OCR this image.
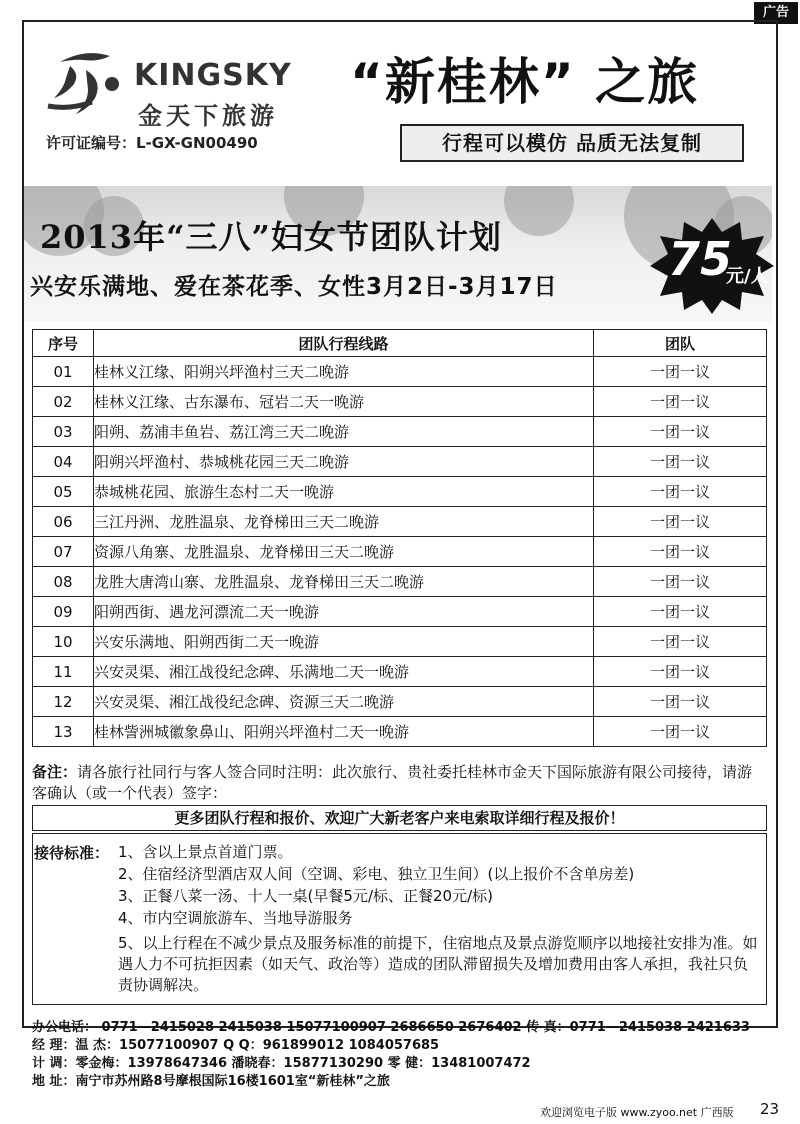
广告
KINGSKY
金天下旅游
许可证编号：L-GX-GN00490
“新桂林” 之旅
行程可以模仿 品质无法复制
2013年“三八”妇女节团队计划
兴安乐满地、爱在茶花季、女性3月2日-3月17日
75
元/人
序号	团队行程线路	团队
01	桂林义江缘、阳朔兴坪渔村三天二晚游	一团一议
02	桂林义江缘、古东瀑布、冠岩二天一晚游	一团一议
03	阳朔、荔浦丰鱼岩、荔江湾三天二晚游	一团一议
04	阳朔兴坪渔村、恭城桃花园三天二晚游	一团一议
05	恭城桃花园、旅游生态村二天一晚游	一团一议
06	三江丹洲、龙胜温泉、龙脊梯田三天二晚游	一团一议
07	资源八角寨、龙胜温泉、龙脊梯田三天二晚游	一团一议
08	龙胜大唐湾山寨、龙胜温泉、龙脊梯田三天二晚游	一团一议
09	阳朔西街、遇龙河漂流二天一晚游	一团一议
10	兴安乐满地、阳朔西街二天一晚游	一团一议
11	兴安灵渠、湘江战役纪念碑、乐满地二天一晚游	一团一议
12	兴安灵渠、湘江战役纪念碑、资源三天二晚游	一团一议
13	桂林訾洲城徽象鼻山、阳朔兴坪渔村二天一晚游	一团一议
备注：请各旅行社同行与客人签合同时注明：此次旅行、贵社委托桂林市金天下国际旅游有限公司接待，请游客确认（或一个代表）签字：
更多团队行程和报价、欢迎广大新老客户来电索取详细行程及报价！
接待标准： 1、含以上景点首道门票。
2、住宿经济型酒店双人间（空调、彩电、独立卫生间）(以上报价不含单房差)
3、正餐八菜一汤、十人一桌(早餐5元/标、正餐20元/标)
4、市内空调旅游车、当地导游服务
5、以上行程在不减少景点及服务标准的前提下，住宿地点及景点游览顺序以地接社安排为准。如遇人力不可抗拒因素（如天气、政治等）造成的团队滞留损失及增加费用由客人承担，我社只负责协调解决。
办公电话： 0771—2415028 2415038 15077100907 2686650 2676402 传 真：0771—2415038 2421633
经 理：温 杰：15077100907 Q Q：961899012 1084057685
计 调：零金梅：13978647346 潘晓春：15877130290 零 健：13481007472
地 址：南宁市苏州路8号摩根国际16楼1601室“新桂林”之旅
欢迎浏览电子版 www.zyoo.net 广西版 23
